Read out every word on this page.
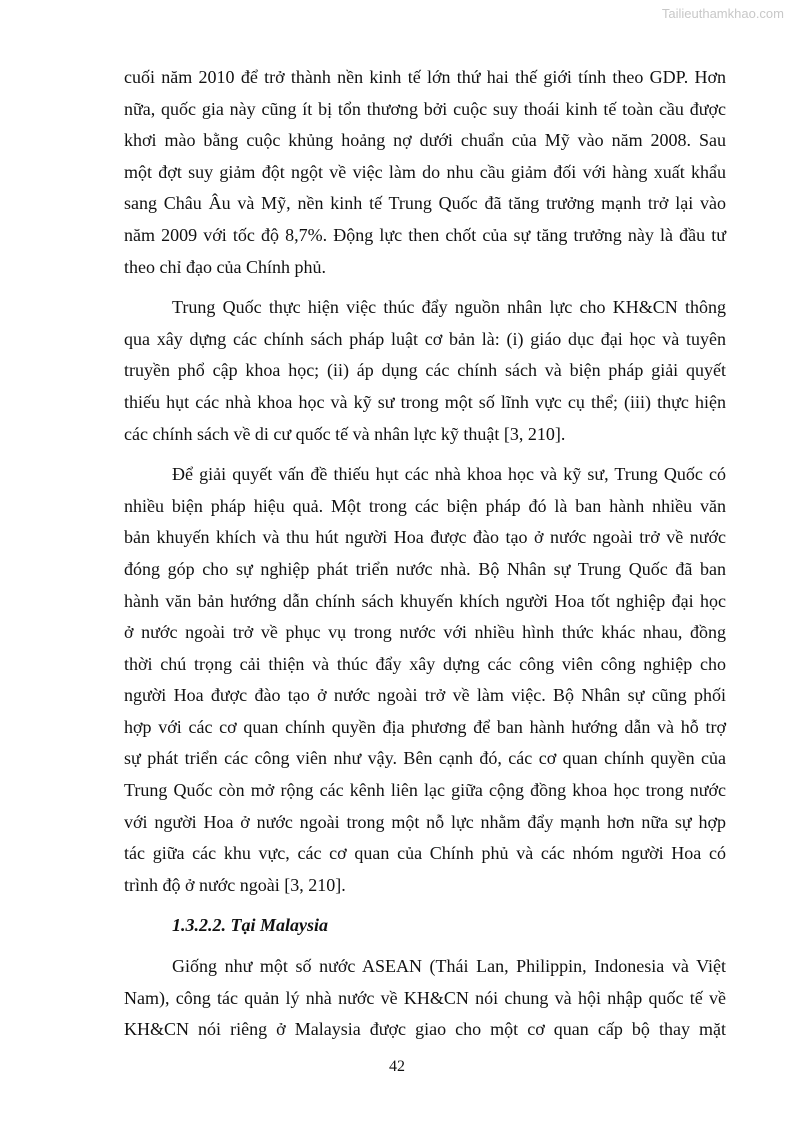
Tailieuthamkhao.com
cuối năm 2010 để trở thành nền kinh tế lớn thứ hai thế giới tính theo GDP. Hơn
nữa, quốc gia này cũng ít bị tổn thương bởi cuộc suy thoái kinh tế toàn cầu được
khơi mào bằng cuộc khủng hoảng nợ dưới chuẩn của Mỹ vào năm 2008. Sau
một đợt suy giảm đột ngột về việc làm do nhu cầu giảm đối với hàng xuất khẩu
sang Châu Âu và Mỹ, nền kinh tế Trung Quốc đã tăng trưởng mạnh trở lại vào
năm 2009 với tốc độ 8,7%. Động lực then chốt của sự tăng trưởng này là đầu tư
theo chỉ đạo của Chính phủ.
Trung Quốc thực hiện việc thúc đẩy nguồn nhân lực cho KH&CN thông
qua xây dựng các chính sách pháp luật cơ bản là: (i) giáo dục đại học và tuyên
truyền phổ cập khoa học; (ii) áp dụng các chính sách và biện pháp giải quyết
thiếu hụt các nhà khoa học và kỹ sư trong một số lĩnh vực cụ thể; (iii) thực hiện
các chính sách về di cư quốc tế và nhân lực kỹ thuật [3, 210].
Để giải quyết vấn đề thiếu hụt các nhà khoa học và kỹ sư, Trung Quốc có
nhiều biện pháp hiệu quả. Một trong các biện pháp đó là ban hành nhiều văn
bản khuyến khích và thu hút người Hoa được đào tạo ở nước ngoài trở về nước
đóng góp cho sự nghiệp phát triển nước nhà. Bộ Nhân sự Trung Quốc đã ban
hành văn bản hướng dẫn chính sách khuyến khích người Hoa tốt nghiệp đại học
ở nước ngoài trở về phục vụ trong nước với nhiều hình thức khác nhau, đồng
thời chú trọng cải thiện và thúc đẩy xây dựng các công viên công nghiệp cho
người Hoa được đào tạo ở nước ngoài trở về làm việc. Bộ Nhân sự cũng phối
hợp với các cơ quan chính quyền địa phương để ban hành hướng dẫn và hỗ trợ
sự phát triển các công viên như vậy. Bên cạnh đó, các cơ quan chính quyền của
Trung Quốc còn mở rộng các kênh liên lạc giữa cộng đồng khoa học trong nước
với người Hoa ở nước ngoài trong một nỗ lực nhằm đẩy mạnh hơn nữa sự hợp
tác giữa các khu vực, các cơ quan của Chính phủ và các nhóm người Hoa có
trình độ ở nước ngoài [3, 210].
1.3.2.2. Tại Malaysia
Giống như một số nước ASEAN (Thái Lan, Philippin, Indonesia và Việt
Nam), công tác quản lý nhà nước về KH&CN nói chung và hội nhập quốc tế về
KH&CN nói riêng ở Malaysia được giao cho một cơ quan cấp bộ thay mặt
42
